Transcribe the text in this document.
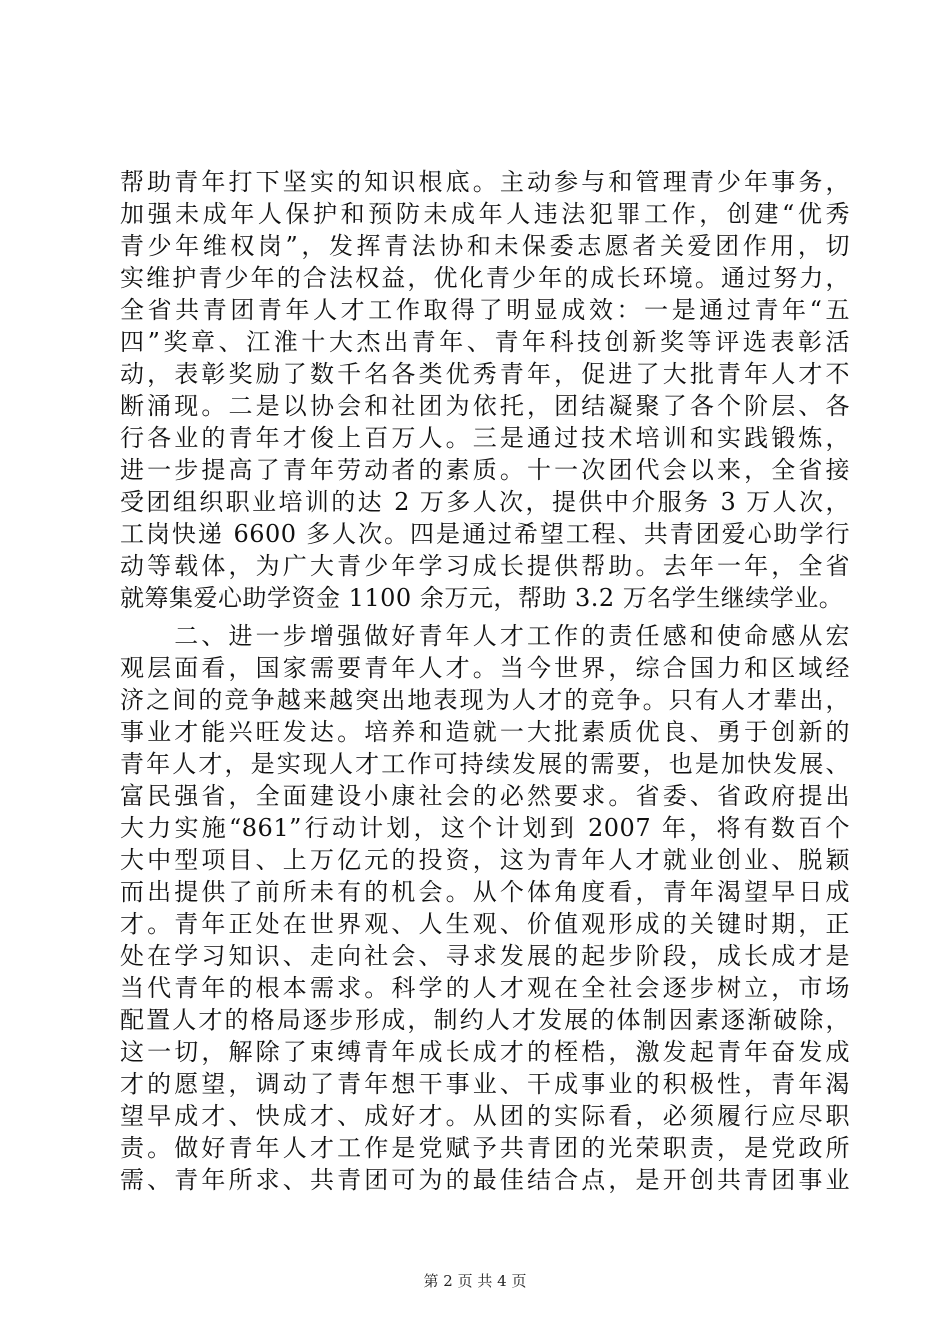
帮助青年打下坚实的知识根底。主动参与和管理青少年事务，
加强未成年人保护和预防未成年人违法犯罪工作，创建“优秀
青少年维权岗”，发挥青法协和未保委志愿者关爱团作用，切
实维护青少年的合法权益，优化青少年的成长环境。通过努力，
全省共青团青年人才工作取得了明显成效：一是通过青年“五
四”奖章、江淮十大杰出青年、青年科技创新奖等评选表彰活
动，表彰奖励了数千名各类优秀青年，促进了大批青年人才不
断涌现。二是以协会和社团为依托，团结凝聚了各个阶层、各
行各业的青年才俊上百万人。三是通过技术培训和实践锻炼，
进一步提高了青年劳动者的素质。十一次团代会以来，全省接
受团组织职业培训的达 2 万多人次，提供中介服务 3 万人次，
工岗快递 6600 多人次。四是通过希望工程、共青团爱心助学行
动等载体，为广大青少年学习成长提供帮助。去年一年，全省
就筹集爱心助学资金 1100 余万元，帮助 3.2 万名学生继续学业。
　　二、进一步增强做好青年人才工作的责任感和使命感从宏
观层面看，国家需要青年人才。当今世界，综合国力和区域经
济之间的竞争越来越突出地表现为人才的竞争。只有人才辈出，
事业才能兴旺发达。培养和造就一大批素质优良、勇于创新的
青年人才，是实现人才工作可持续发展的需要，也是加快发展、
富民强省，全面建设小康社会的必然要求。省委、省政府提出
大力实施“861”行动计划，这个计划到 2007 年，将有数百个
大中型项目、上万亿元的投资，这为青年人才就业创业、脱颖
而出提供了前所未有的机会。从个体角度看，青年渴望早日成
才。青年正处在世界观、人生观、价值观形成的关键时期，正
处在学习知识、走向社会、寻求发展的起步阶段，成长成才是
当代青年的根本需求。科学的人才观在全社会逐步树立，市场
配置人才的格局逐步形成，制约人才发展的体制因素逐渐破除，
这一切，解除了束缚青年成长成才的桎梏，激发起青年奋发成
才的愿望，调动了青年想干事业、干成事业的积极性，青年渴
望早成才、快成才、成好才。从团的实际看，必须履行应尽职
责。做好青年人才工作是党赋予共青团的光荣职责，是党政所
需、青年所求、共青团可为的最佳结合点，是开创共青团事业
第 2 页 共 4 页
